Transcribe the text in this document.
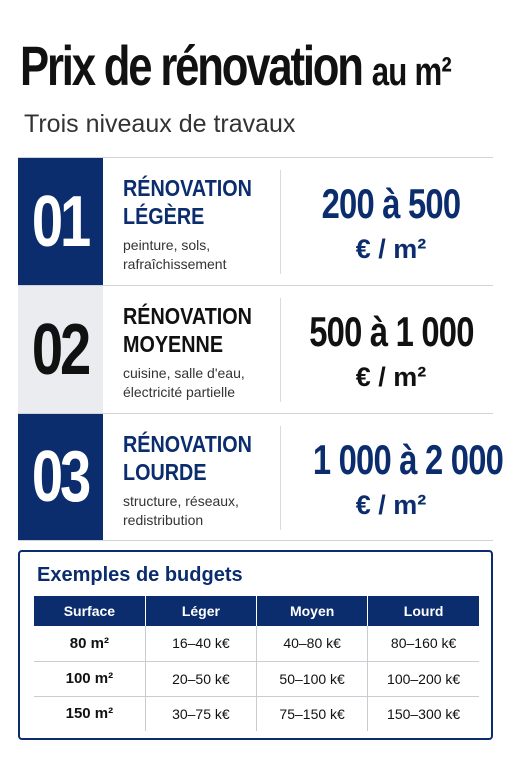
Prix de rénovation au m²
Trois niveaux de travaux
01 RÉNOVATION
LÉGÈRE
peinture, sols,
rafraîchissement
200 à 500
€ / m²
02 RÉNOVATION
MOYENNE
cuisine, salle d'eau,
électricité partielle
500 à 1 000
€ / m²
03 RÉNOVATION
LOURDE
structure, réseaux,
redistribution
1 000 à 2 000
€ / m²
Exemples de budgets
Surface	Léger	Moyen	Lourd
80 m²	16–40 k€	40–80 k€	80–160 k€
100 m²	20–50 k€	50–100 k€	100–200 k€
150 m²	30–75 k€	75–150 k€	150–300 k€
